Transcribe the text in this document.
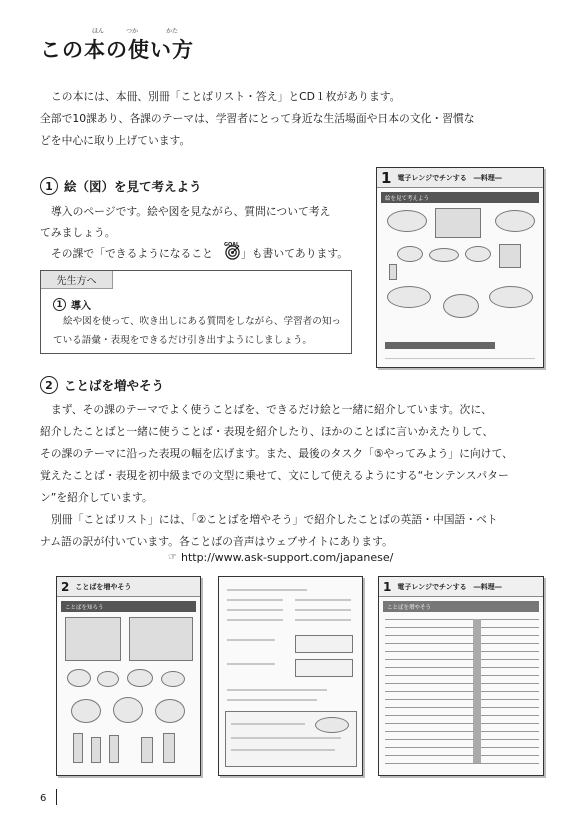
ほん	つか	かた
この本の使い方
この本には、本冊、別冊「ことばリスト・答え」とCD１枚があります。
全部で10課あり、各課のテーマは、学習者にとって身近な生活場面や日本の文化・習慣な
どを中心に取り上げています。
1 絵（図）を見て考えよう
導入のページです。絵や図を見ながら、質問について考え
てみましょう。
その課で「できるようになること
GOAL
」も書いてあります。
先生方へ
1 導入
絵や図を使って、吹き出しにある質問をしながら、学習者の知っている語彙・表現をできるだけ引き出すようにしましょう。
1 電子レンジでチンする　―料理―
絵を見て考えよう
2 ことばを増やそう
まず、その課のテーマでよく使うことばを、できるだけ絵と一緒に紹介しています。次に、
紹介したことばと一緒に使うことば・表現を紹介したり、ほかのことばに言いかえたりして、
その課のテーマに沿った表現の幅を広げます。また、最後のタスク「⑤やってみよう」に向けて、
覚えたことば・表現を初中級までの文型に乗せて、文にして使えるようにする“センテンスパター
ン”を紹介しています。
別冊「ことばリスト」には、「②ことばを増やそう」で紹介したことばの英語・中国語・ベト
ナム語の訳が付いています。各ことばの音声はウェブサイトにあります。
☞ http://www.ask-support.com/japanese/
2 ことばを増やそう
ことばを知ろう
1 電子レンジでチンする　―料理―
ことばを増やそう
6
